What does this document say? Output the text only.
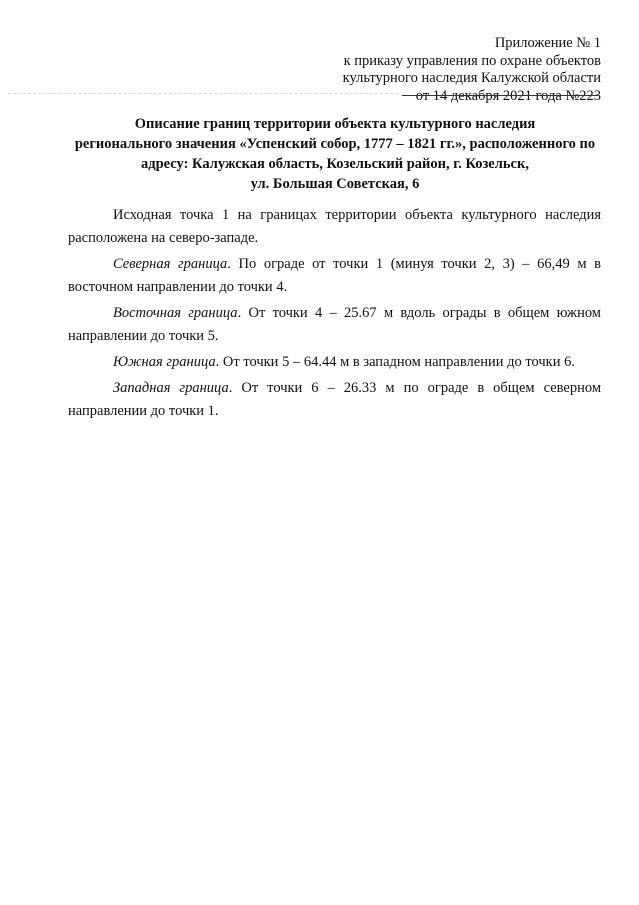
Приложение № 1
к приказу управления по охране объектов
культурного наследия Калужской области
от 14 декабря 2021 года №223
Описание границ территории объекта культурного наследия
регионального значения «Успенский собор, 1777 – 1821 гг.», расположенного по
адресу: Калужская область, Козельский район, г. Козельск,
ул. Большая Советская, 6

Исходная точка 1 на границах территории объекта культурного наследия расположена на северо-западе.

Северная граница. По ограде от точки 1 (минуя точки 2, 3) – 66,49 м в восточном направлении до точки 4.

Восточная граница. От точки 4 – 25.67 м вдоль ограды в общем южном направлении до точки 5.

Южная граница. От точки 5 – 64.44 м в западном направлении до точки 6.

Западная граница. От точки 6 – 26.33 м по ограде в общем северном направлении до точки 1.
